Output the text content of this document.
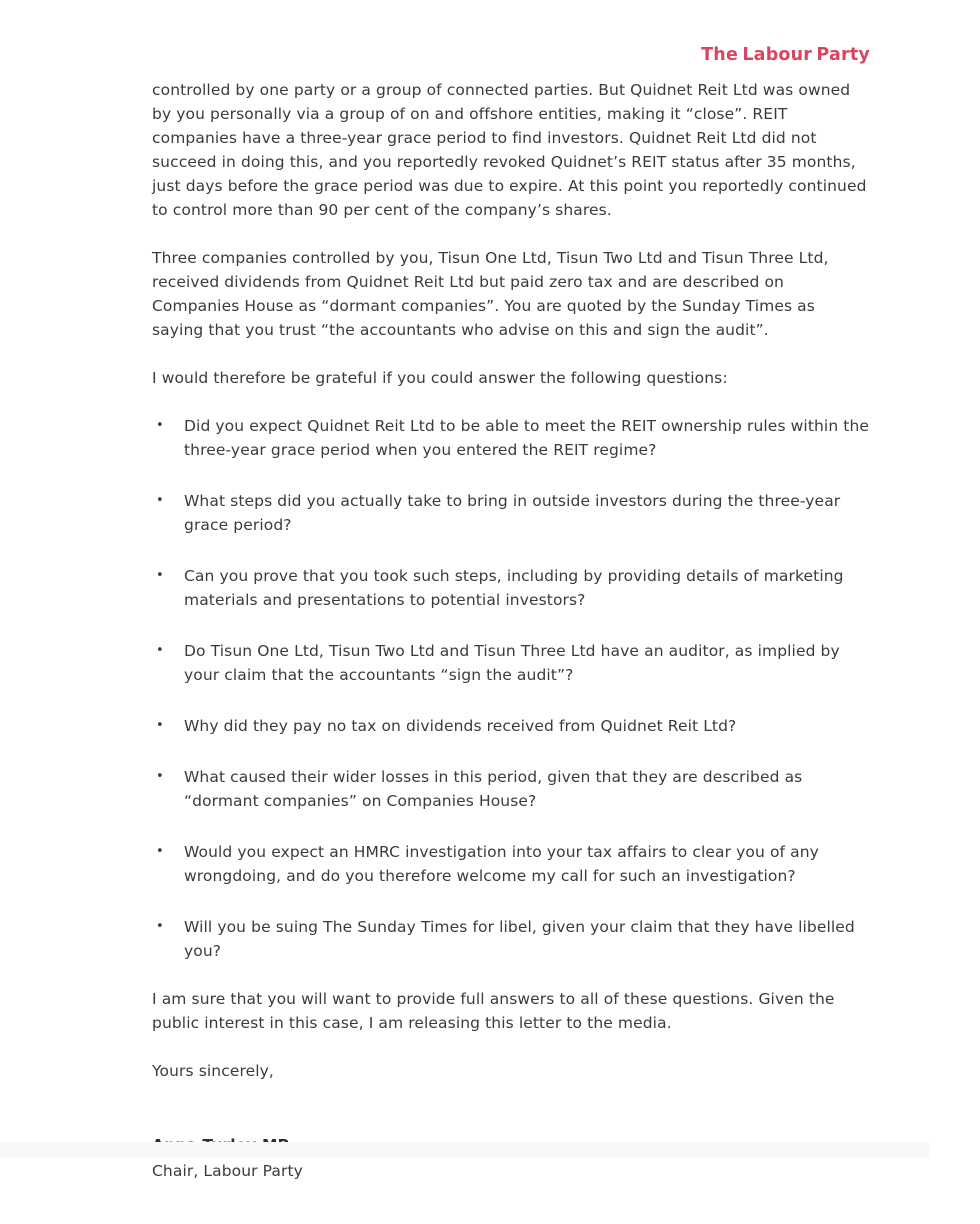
The Labour Party

controlled by one party or a group of connected parties. But Quidnet Reit Ltd was owned by you personally via a group of on and offshore entities, making it “close”. REIT companies have a three-year grace period to find investors. Quidnet Reit Ltd did not succeed in doing this, and you reportedly revoked Quidnet’s REIT status after 35 months, just days before the grace period was due to expire. At this point you reportedly continued to control more than 90 per cent of the company’s shares.

Three companies controlled by you, Tisun One Ltd, Tisun Two Ltd and Tisun Three Ltd, received dividends from Quidnet Reit Ltd but paid zero tax and are described on Companies House as “dormant companies”. You are quoted by the Sunday Times as saying that you trust “the accountants who advise on this and sign the audit”.

I would therefore be grateful if you could answer the following questions:

•	Did you expect Quidnet Reit Ltd to be able to meet the REIT ownership rules within the three-year grace period when you entered the REIT regime?
•	What steps did you actually take to bring in outside investors during the three-year grace period?
•	Can you prove that you took such steps, including by providing details of marketing materials and presentations to potential investors?
•	Do Tisun One Ltd, Tisun Two Ltd and Tisun Three Ltd have an auditor, as implied by your claim that the accountants “sign the audit”?
•	Why did they pay no tax on dividends received from Quidnet Reit Ltd?
•	What caused their wider losses in this period, given that they are described as “dormant companies” on Companies House?
•	Would you expect an HMRC investigation into your tax affairs to clear you of any wrongdoing, and do you therefore welcome my call for such an investigation?
•	Will you be suing The Sunday Times for libel, given your claim that they have libelled you?

I am sure that you will want to provide full answers to all of these questions. Given the public interest in this case, I am releasing this letter to the media.

Yours sincerely,

Chair, Labour Party
